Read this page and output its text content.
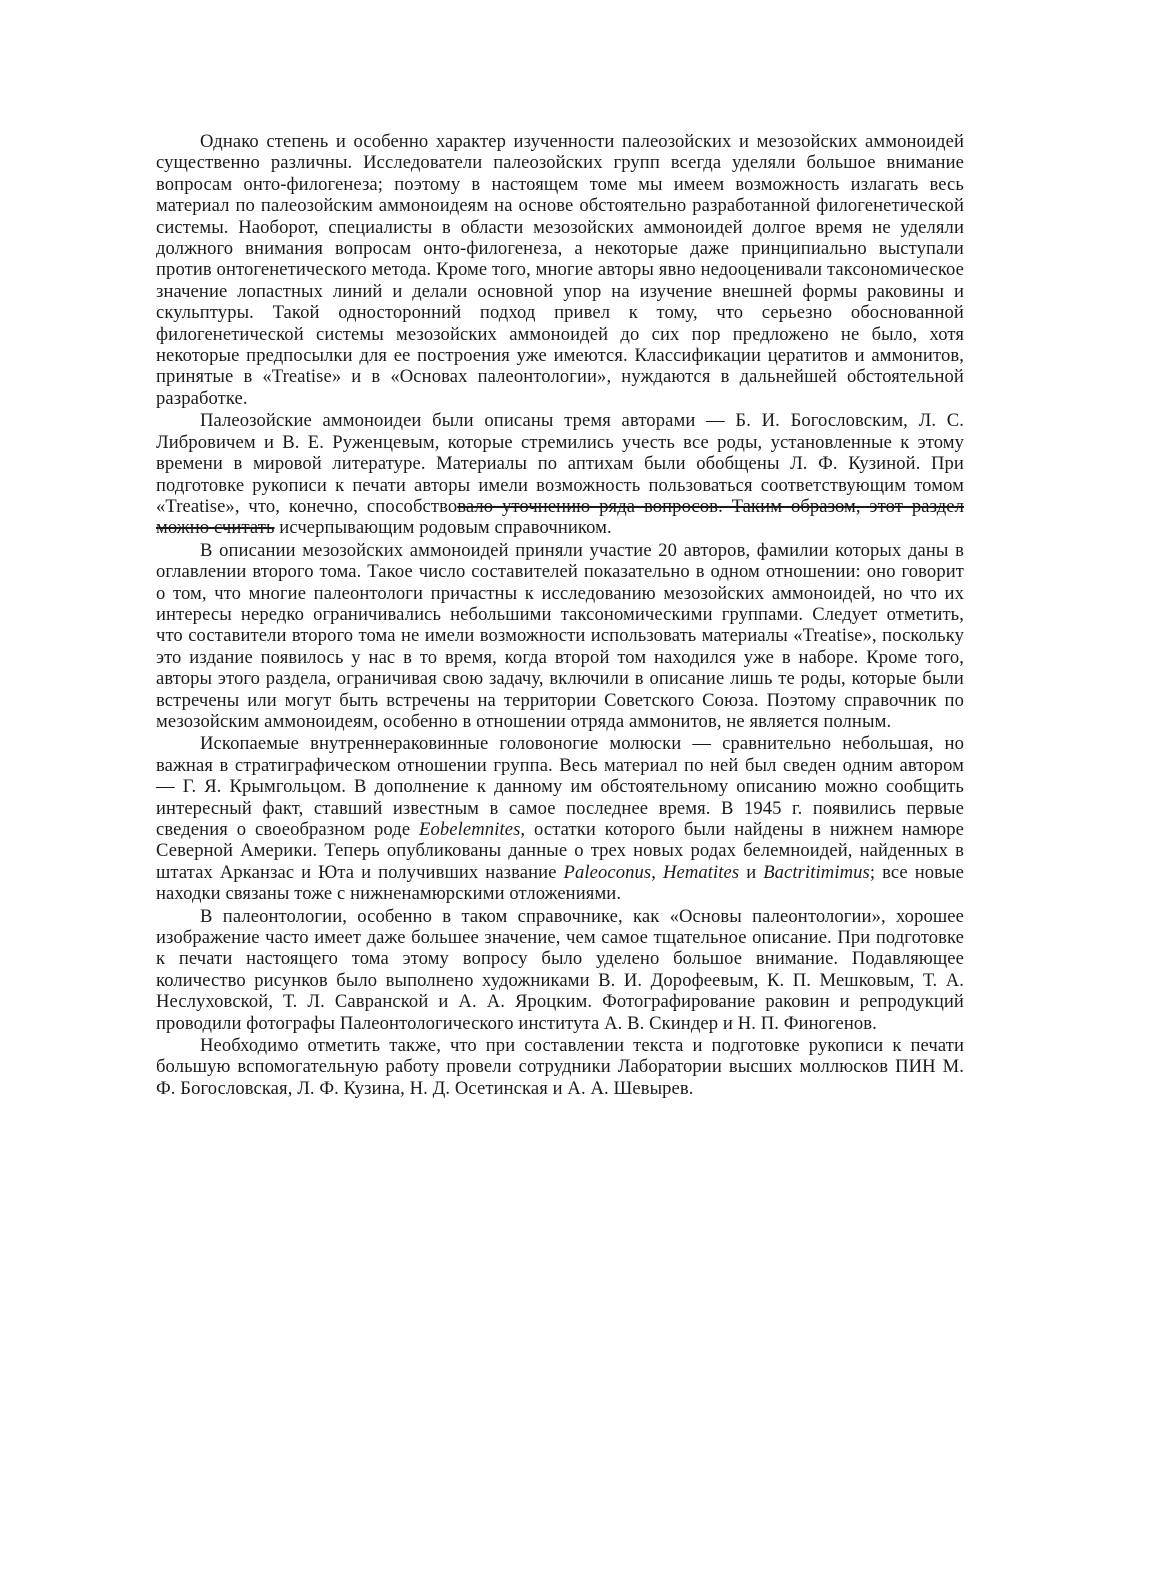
Однако степень и особенно характер изученности палеозойских и мезозойских аммоноидей существенно различны. Исследователи палеозойских групп всегда уделяли большое внимание вопросам онто-филогенеза; поэтому в настоящем томе мы имеем возможность излагать весь материал по палеозойским аммоноидеям на основе обстоятельно разработанной филогенетической системы. Наоборот, специалисты в области мезозойских аммоноидей долгое время не уделяли должного внимания вопросам онто-филогенеза, а некоторые даже принципиально выступали против онтогенетического метода. Кроме того, многие авторы явно недооценивали таксономическое значение лопастных линий и делали основной упор на изучение внешней формы раковины и скульптуры. Такой односторонний подход привел к тому, что серьезно обоснованной филогенетической системы мезозойских аммоноидей до сих пор предложено не было, хотя некоторые предпосылки для ее построения уже имеются. Классификации цератитов и аммонитов, принятые в «Treatise» и в «Основах палеонтологии», нуждаются в дальнейшей обстоятельной разработке.

Палеозойские аммоноидеи были описаны тремя авторами — Б. И. Богословским, Л. С. Либровичем и В. Е. Руженцевым, которые стремились учесть все роды, установленные к этому времени в мировой литературе. Материалы по аптихам были обобщены Л. Ф. Кузиной. При подготовке рукописи к печати авторы имели возможность пользоваться соответствующим томом «Treatise», что, конечно, способствовало уточнению ряда вопросов. Таким образом, этот раздел можно считать исчерпывающим родовым справочником.

В описании мезозойских аммоноидей приняли участие 20 авторов, фамилии которых даны в оглавлении второго тома. Такое число составителей показательно в одном отношении: оно говорит о том, что многие палеонтологи причастны к исследованию мезозойских аммоноидей, но что их интересы нередко ограничивались небольшими таксономическими группами. Следует отметить, что составители второго тома не имели возможности использовать материалы «Treatise», поскольку это издание появилось у нас в то время, когда второй том находился уже в наборе. Кроме того, авторы этого раздела, ограничивая свою задачу, включили в описание лишь те роды, которые были встречены или могут быть встречены на территории Советского Союза. Поэтому справочник по мезозойским аммоноидеям, особенно в отношении отряда аммонитов, не является полным.

Ископаемые внутреннераковинные головоногие молюски — сравнительно небольшая, но важная в стратиграфическом отношении группа. Весь материал по ней был сведен одним автором — Г. Я. Крымгольцом. В дополнение к данному им обстоятельному описанию можно сообщить интересный факт, ставший известным в самое последнее время. В 1945 г. появились первые сведения о своеобразном роде Eobelemnites, остатки которого были найдены в нижнем намюре Северной Америки. Теперь опубликованы данные о трех новых родах белемноидей, найденных в штатах Арканзас и Юта и получивших название Paleoconus, Hematites и Bactritimimus; все новые находки связаны тоже с нижненамюрскими отложениями.

В палеонтологии, особенно в таком справочнике, как «Основы палеонтологии», хорошее изображение часто имеет даже большее значение, чем самое тщательное описание. При подготовке к печати настоящего тома этому вопросу было уделено большое внимание. Подавляющее количество рисунков было выполнено художниками В. И. Дорофеевым, К. П. Мешковым, Т. А. Неслуховской, Т. Л. Савранской и А. А. Яроцким. Фотографирование раковин и репродукций проводили фотографы Палеонтологического института А. В. Скиндер и Н. П. Финогенов.

Необходимо отметить также, что при составлении текста и подготовке рукописи к печати большую вспомогательную работу провели сотрудники Лаборатории высших моллюсков ПИН М. Ф. Богословская, Л. Ф. Кузина, Н. Д. Осетинская и А. А. Шевырев.
